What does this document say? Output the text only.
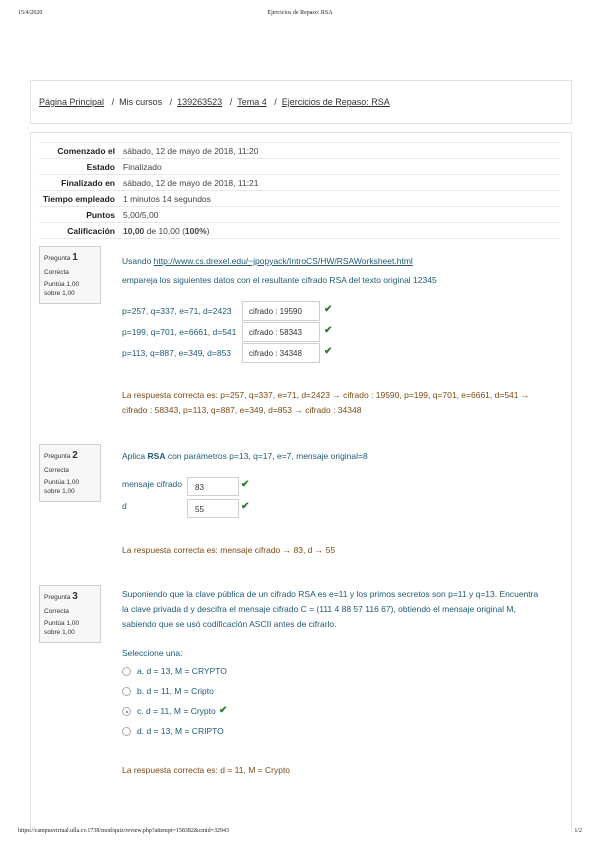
15/4/2020	Ejercicios de Repaso: RSA
Página Principal / Mis cursos / 139263523 / Tema 4 / Ejercicios de Repaso: RSA
Comenzado el	sábado, 12 de mayo de 2018, 11:20
Estado	Finalizado
Finalizado en	sábado, 12 de mayo de 2018, 11:21
Tiempo empleado	1 minutos 14 segundos
Puntos	5,00/5,00
Calificación	10,00 de 10,00 (100%)
Pregunta 1
Correcta
Puntúa 1,00
sobre 1,00
Usando http://www.cs.drexel.edu/~jpopyack/IntroCS/HW/RSAWorksheet.html
empareja los siguientes datos con el resultante cifrado RSA del texto original 12345
p=257, q=337, e=71, d=2423	cifrado : 19590	✔
p=199, q=701, e=6661, d=541	cifrado : 58343	✔
p=113, q=887, e=349, d=853	cifrado : 34348	✔
La respuesta correcta es: p=257, q=337, e=71, d=2423 → cifrado : 19590, p=199, q=701, e=6661, d=541 →
cifrado : 58343, p=113, q=887, e=349, d=853 → cifrado : 34348
Pregunta 2
Correcta
Puntúa 1,00
sobre 1,00
Aplica RSA con parámetros p=13, q=17, e=7, mensaje original=8
mensaje cifrado	83	✔
d	55	✔
La respuesta correcta es: mensaje cifrado → 83, d → 55
Pregunta 3
Correcta
Puntúa 1,00
sobre 1,00
Suponiendo que la clave pública de un cifrado RSA es e=11 y los primos secretos son p=11 y q=13. Encuentra
la clave privada d y descifra el mensaje cifrado C = (111 4 88 57 116 67), obtiendo el mensaje original M,
sabiendo que se usó codificación ASCII antes de cifrarlo.
Seleccione una:
a. d = 13, M = CRYPTO
b. d = 11, M = Cripto
c. d = 11, M = Crypto ✔
d. d = 13, M = CRIPTO
La respuesta correcta es: d = 11, M = Crypto
https://campusvirtual.ulla.cv.1738/mod/quiz/review.php?attempt=158382&cmid=32943	1/2
